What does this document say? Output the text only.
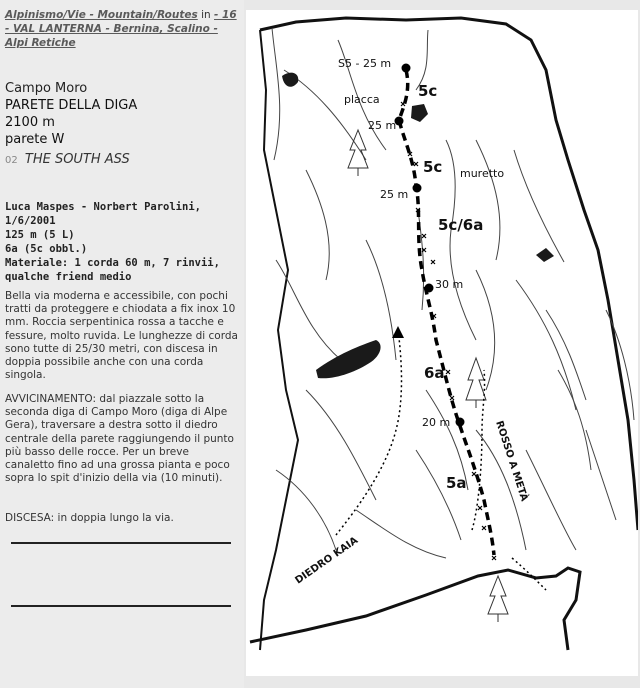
Alpinismo/Vie - Mountain/Routes in - 16 - VAL LANTERNA - Bernina, Scalino - Alpi Retiche
Campo Moro
PARETE DELLA DIGA
2100 m
parete W
02 THE SOUTH ASS
Luca Maspes - Norbert Parolini, 1/6/2001
125 m (5 L)
6a (5c obbl.)
Materiale: 1 corda 60 m, 7 rinvii, qualche friend medio
Bella via moderna e accessibile, con pochi tratti da proteggere e chiodata a fix inox 10 mm. Roccia serpentinica rossa a tacche e fessure, molto ruvida. Le lunghezze di corda sono tutte di 25/30 metri, con discesa in doppia possibile anche con una corda singola.
AVVICINAMENTO: dal piazzale sotto la seconda diga di Campo Moro (diga di Alpe Gera), traversare a destra sotto il diedro centrale della parete raggiungendo il punto più basso delle rocce. Per un breve canaletto fino ad una grossa pianta e poco sopra lo spit d'inizio della via (10 minuti).
DISCESA: in doppia lungo la via.
S5 - 25 m
placca	5c
25 m
5c muretto
25 m
5c/6a
30 m
6a
20 m
5a	ROSSO A METÀ
DIEDRO KAIA
